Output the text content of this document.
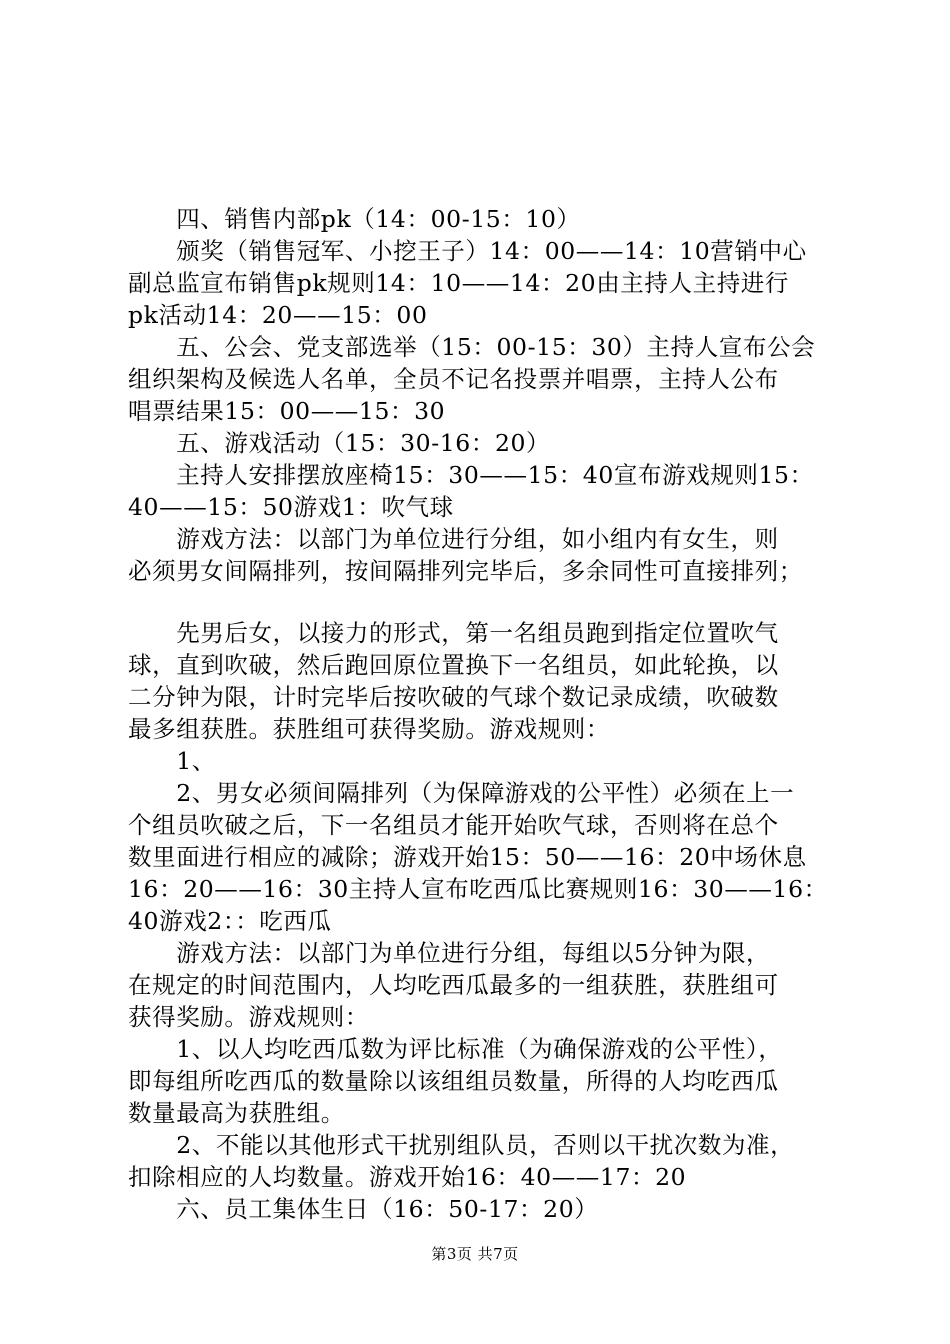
　　四、销售内部pk（14：00-15：10）
　　颁奖（销售冠军、小挖王子）14：00——14：10营销中心
副总监宣布销售pk规则14：10——14：20由主持人主持进行
pk活动14：20——15：00
　　五、公会、党支部选举（15：00-15：30）主持人宣布公会
组织架构及候选人名单，全员不记名投票并唱票，主持人公布
唱票结果15：00——15：30
　　五、游戏活动（15：30-16：20）
　　主持人安排摆放座椅15：30——15：40宣布游戏规则15：
40——15：50游戏1：吹气球
　　游戏方法：以部门为单位进行分组，如小组内有女生，则
必须男女间隔排列，按间隔排列完毕后，多余同性可直接排列；
　　先男后女，以接力的形式，第一名组员跑到指定位置吹气
球，直到吹破，然后跑回原位置换下一名组员，如此轮换，以
二分钟为限，计时完毕后按吹破的气球个数记录成绩，吹破数
最多组获胜。获胜组可获得奖励。游戏规则：
　　1、
　　2、男女必须间隔排列（为保障游戏的公平性）必须在上一
个组员吹破之后，下一名组员才能开始吹气球，否则将在总个
数里面进行相应的减除；游戏开始15：50——16：20中场休息
16：20——16：30主持人宣布吃西瓜比赛规则16：30——16：
40游戏2：：吃西瓜
　　游戏方法：以部门为单位进行分组，每组以5分钟为限，
在规定的时间范围内，人均吃西瓜最多的一组获胜，获胜组可
获得奖励。游戏规则：
　　1、以人均吃西瓜数为评比标准（为确保游戏的公平性），
即每组所吃西瓜的数量除以该组组员数量，所得的人均吃西瓜
数量最高为获胜组。
　　2、不能以其他形式干扰别组队员，否则以干扰次数为准，
扣除相应的人均数量。游戏开始16：40——17：20
　　六、员工集体生日（16：50-17：20）
第3页 共7页
